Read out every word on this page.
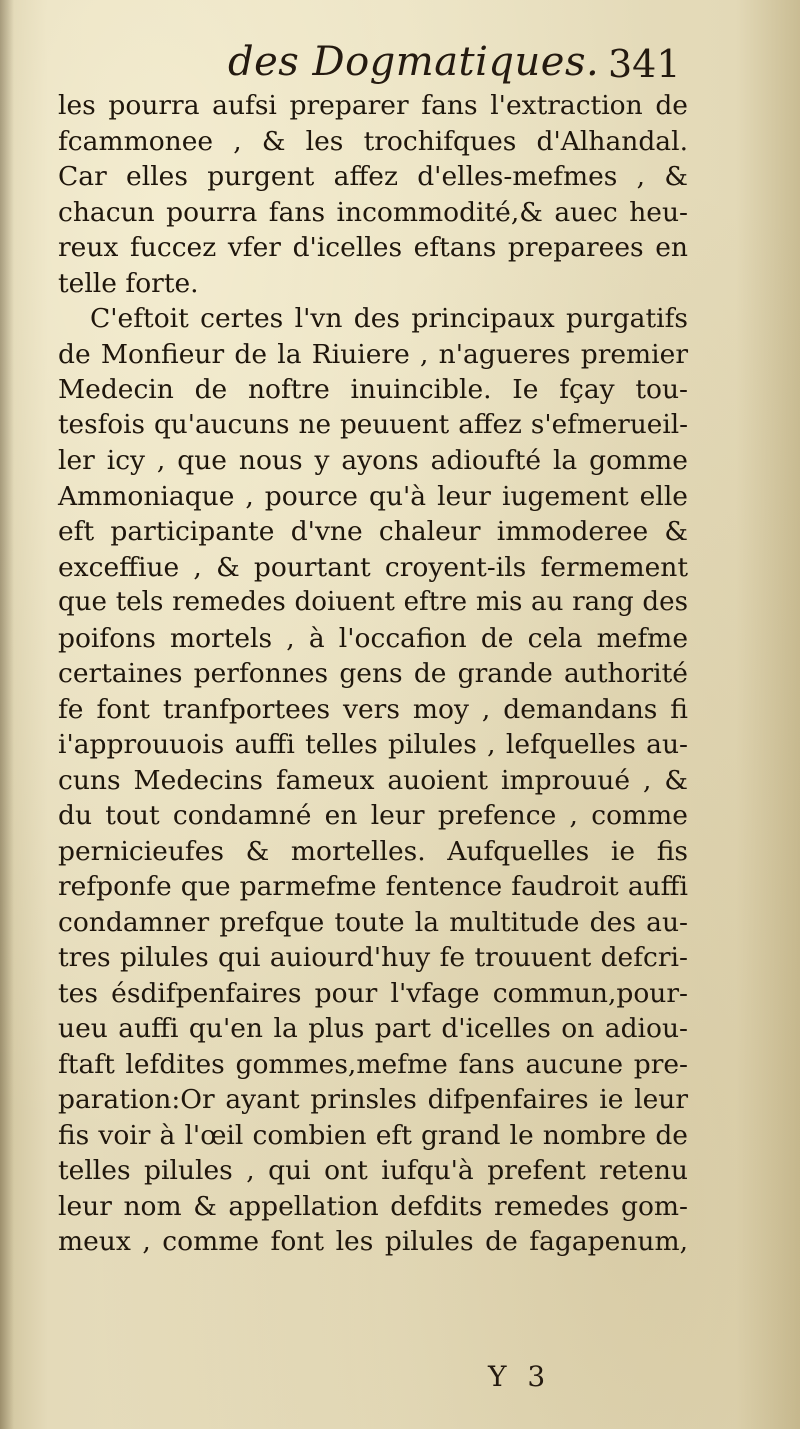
des Dogmatiques. 341
les pourra aufsi preparer fans l'extraction de
fcammonee , & les trochifques d'Alhandal.
Car elles purgent affez d'elles-mefmes , &
chacun pourra fans incommodité,& auec heu-
reux fuccez vfer d'icelles eftans preparees en
telle forte.
C'eftoit certes l'vn des principaux purgatifs
de Monfieur de la Riuiere , n'agueres premier
Medecin de noftre inuincible. Ie fçay tou-
tesfois qu'aucuns ne peuuent affez s'efmerueil-
ler icy , que nous y ayons adioufté la gomme
Ammoniaque , pource qu'à leur iugement elle
eft participante d'vne chaleur immoderee &
exceffiue , & pourtant croyent-ils fermement
que tels remedes doiuent eftre mis au rang des
poifons mortels , à l'occafion de cela mefme
certaines perfonnes gens de grande authorité
fe font tranfportees vers moy , demandans fi
i'approuuois auffi telles pilules , lefquelles au-
cuns Medecins fameux auoient improuué , &
du tout condamné en leur prefence , comme
pernicieufes & mortelles. Aufquelles ie fis
refponfe que parmefme fentence faudroit auffi
condamner prefque toute la multitude des au-
tres pilules qui auiourd'huy fe trouuent defcri-
tes ésdifpenfaires pour l'vfage commun,pour-
ueu auffi qu'en la plus part d'icelles on adiou-
ftaft lefdites gommes,mefme fans aucune pre-
paration:Or ayant prinsles difpenfaires ie leur
fis voir à l'œil combien eft grand le nombre de
telles pilules , qui ont iufqu'à prefent retenu
leur nom & appellation defdits remedes gom-
meux , comme font les pilules de fagapenum,
Y 3
